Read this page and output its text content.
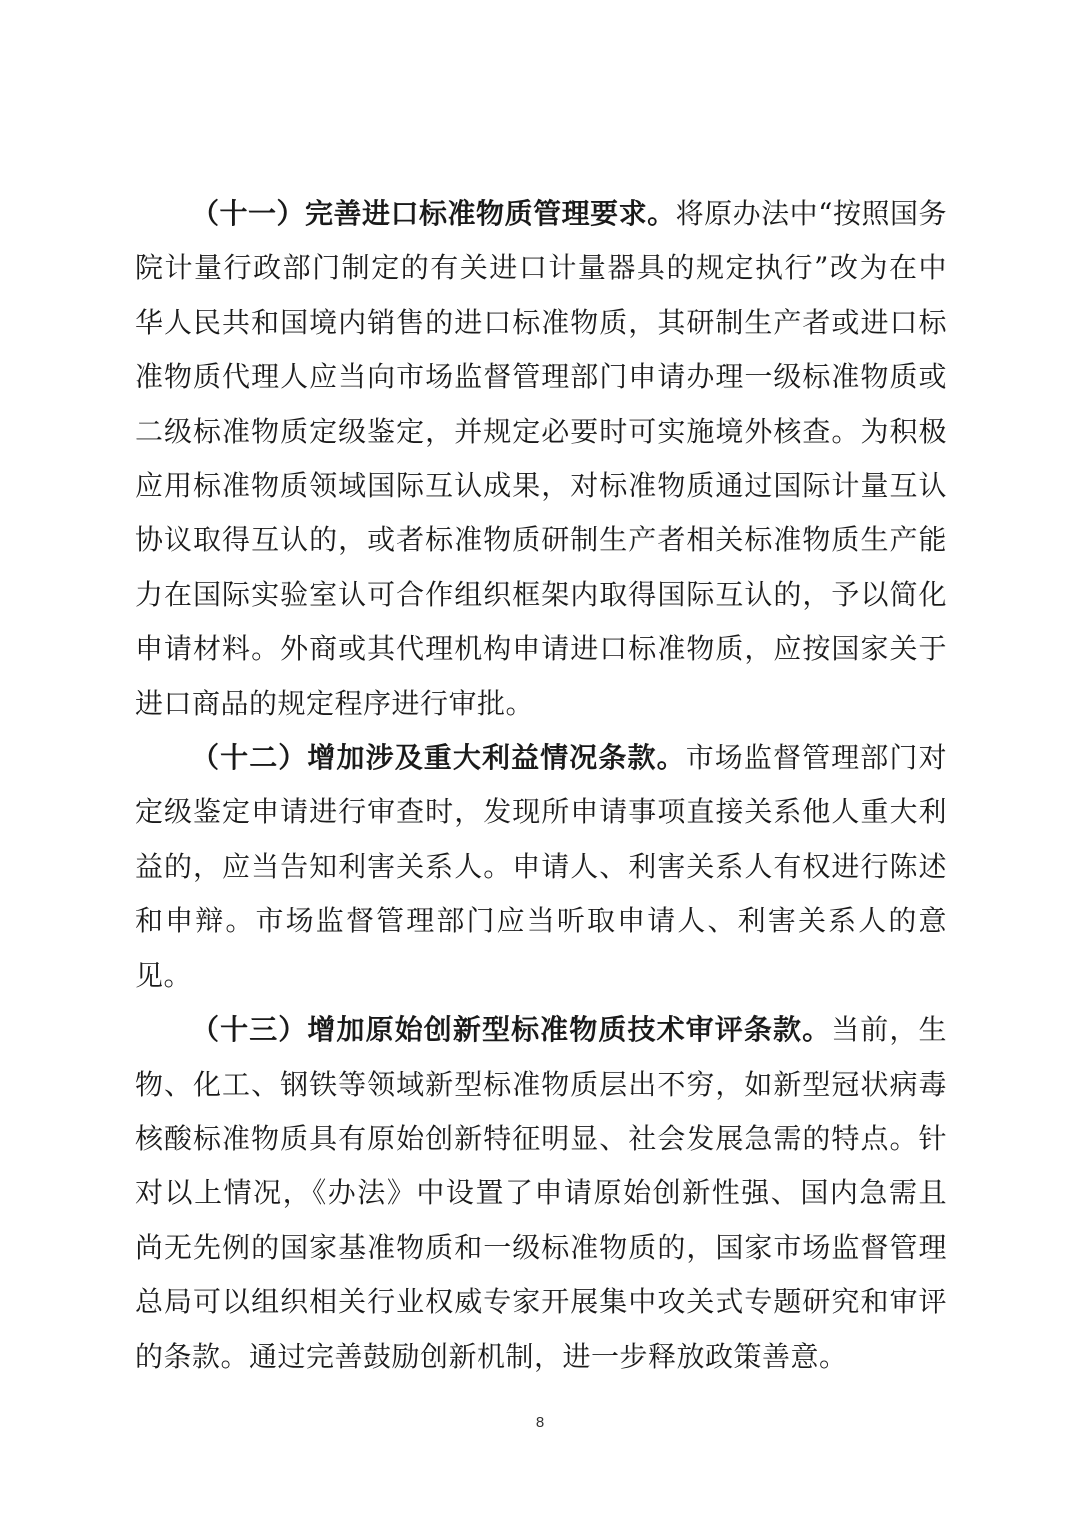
（十一）完善进口标准物质管理要求。将原办法中“按照国务院计量行政部门制定的有关进口计量器具的规定执行”改为在中华人民共和国境内销售的进口标准物质，其研制生产者或进口标准物质代理人应当向市场监督管理部门申请办理一级标准物质或二级标准物质定级鉴定，并规定必要时可实施境外核查。为积极应用标准物质领域国际互认成果，对标准物质通过国际计量互认协议取得互认的，或者标准物质研制生产者相关标准物质生产能力在国际实验室认可合作组织框架内取得国际互认的，予以简化申请材料。外商或其代理机构申请进口标准物质，应按国家关于进口商品的规定程序进行审批。

（十二）增加涉及重大利益情况条款。市场监督管理部门对定级鉴定申请进行审查时，发现所申请事项直接关系他人重大利益的，应当告知利害关系人。申请人、利害关系人有权进行陈述和申辩。市场监督管理部门应当听取申请人、利害关系人的意见。

（十三）增加原始创新型标准物质技术审评条款。当前，生物、化工、钢铁等领域新型标准物质层出不穷，如新型冠状病毒核酸标准物质具有原始创新特征明显、社会发展急需的特点。针对以上情况，《办法》中设置了申请原始创新性强、国内急需且尚无先例的国家基准物质和一级标准物质的，国家市场监督管理总局可以组织相关行业权威专家开展集中攻关式专题研究和审评的条款。通过完善鼓励创新机制，进一步释放政策善意。

8
